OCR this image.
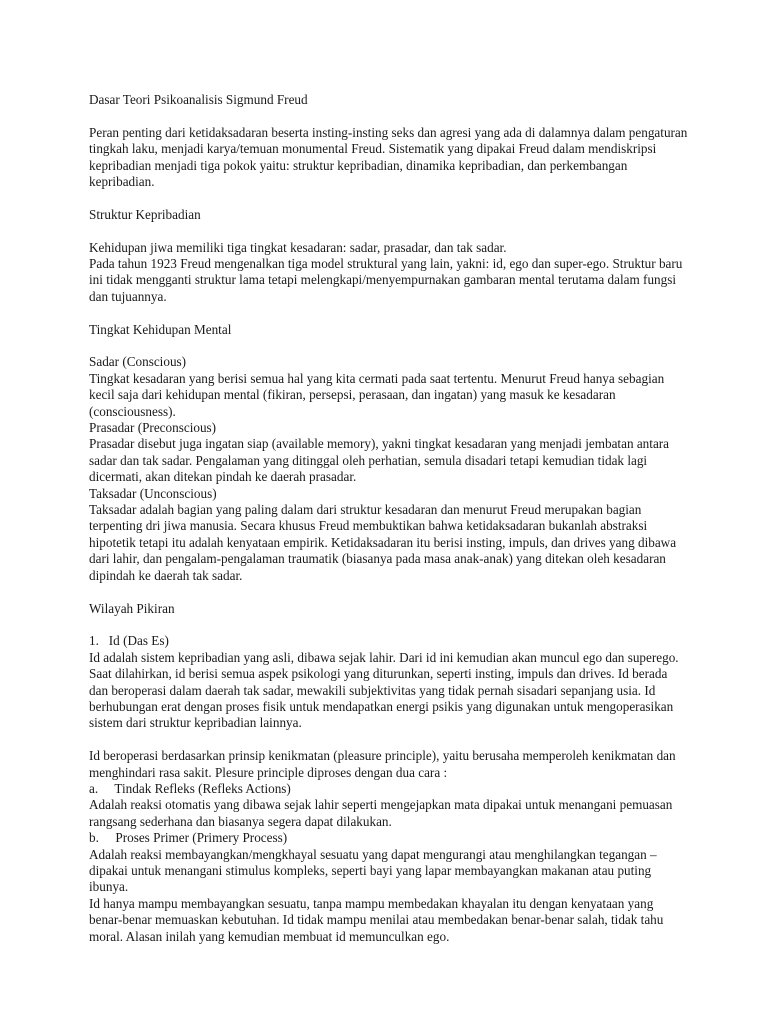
Dasar Teori Psikoanalisis Sigmund Freud

Peran penting dari ketidaksadaran beserta insting-insting seks dan agresi yang ada di dalamnya dalam pengaturan tingkah laku, menjadi karya/temuan monumental Freud. Sistematik yang dipakai Freud dalam mendiskripsi kepribadian menjadi tiga pokok yaitu: struktur kepribadian, dinamika kepribadian, dan perkembangan kepribadian.

Struktur Kepribadian

Kehidupan jiwa memiliki tiga tingkat kesadaran: sadar, prasadar, dan tak sadar.

Pada tahun 1923 Freud mengenalkan tiga model struktural yang lain, yakni: id, ego dan super-ego. Struktur baru ini tidak mengganti struktur lama tetapi melengkapi/menyempurnakan gambaran mental terutama dalam fungsi dan tujuannya.

Tingkat Kehidupan Mental

Sadar (Conscious)

Tingkat kesadaran yang berisi semua hal yang kita cermati pada saat tertentu. Menurut Freud hanya sebagian kecil saja dari kehidupan mental (fikiran, persepsi, perasaan, dan ingatan) yang masuk ke kesadaran (consciousness).

Prasadar (Preconscious)

Prasadar disebut juga ingatan siap (available memory), yakni tingkat kesadaran yang menjadi jembatan antara sadar dan tak sadar. Pengalaman yang ditinggal oleh perhatian, semula disadari tetapi kemudian tidak lagi dicermati, akan ditekan pindah ke daerah prasadar.

Taksadar (Unconscious)

Taksadar adalah bagian yang paling dalam dari struktur kesadaran dan menurut Freud merupakan bagian terpenting dri jiwa manusia. Secara khusus Freud membuktikan bahwa ketidaksadaran bukanlah abstraksi hipotetik tetapi itu adalah kenyataan empirik. Ketidaksadaran itu berisi insting, impuls, dan drives yang dibawa dari lahir, dan pengalam-pengalaman traumatik (biasanya pada masa anak-anak) yang ditekan oleh kesadaran dipindah ke daerah tak sadar.

Wilayah Pikiran

1.   Id (Das Es)

Id adalah sistem kepribadian yang asli, dibawa sejak lahir. Dari id ini kemudian akan muncul ego dan superego. Saat dilahirkan, id berisi semua aspek psikologi yang diturunkan, seperti insting, impuls dan drives. Id berada dan beroperasi dalam daerah tak sadar, mewakili subjektivitas yang tidak pernah sisadari sepanjang usia. Id berhubungan erat dengan proses fisik untuk mendapatkan energi psikis yang digunakan untuk mengoperasikan sistem dari struktur kepribadian lainnya.

Id beroperasi berdasarkan prinsip kenikmatan (pleasure principle), yaitu berusaha memperoleh kenikmatan dan menghindari rasa sakit. Plesure principle diproses dengan dua cara :

a.     Tindak Refleks (Refleks Actions)

Adalah reaksi otomatis yang dibawa sejak lahir seperti mengejapkan mata dipakai untuk menangani pemuasan rangsang sederhana dan biasanya segera dapat dilakukan.

b.     Proses Primer (Primery Process)

Adalah reaksi membayangkan/mengkhayal sesuatu yang dapat mengurangi atau menghilangkan tegangan – dipakai untuk menangani stimulus kompleks, seperti bayi yang lapar membayangkan makanan atau puting ibunya.

Id hanya mampu membayangkan sesuatu, tanpa mampu membedakan khayalan itu dengan kenyataan yang benar-benar memuaskan kebutuhan. Id tidak mampu menilai atau membedakan benar-benar salah, tidak tahu moral. Alasan inilah yang kemudian membuat id memunculkan ego.
